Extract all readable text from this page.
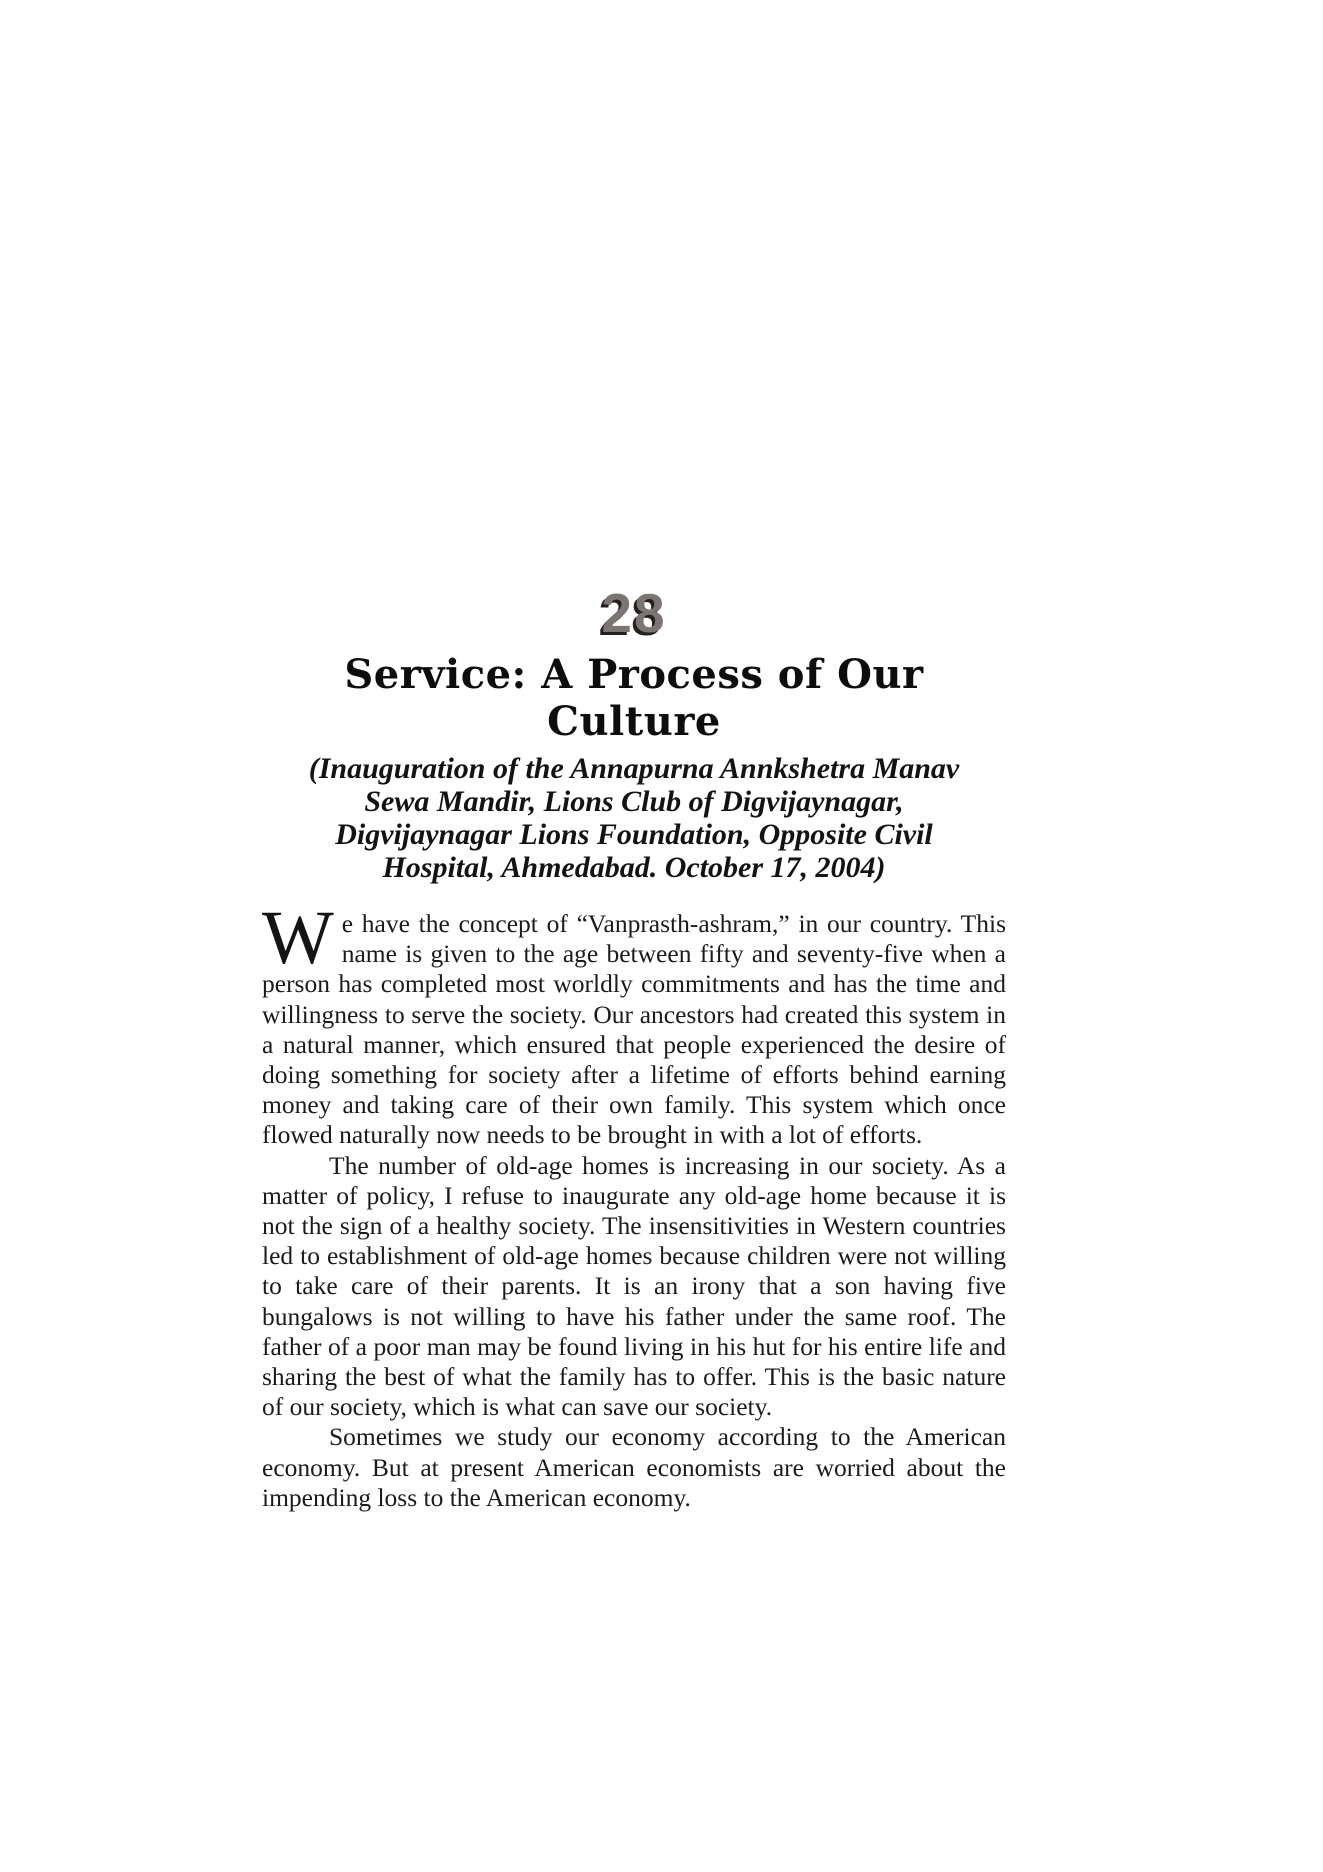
28
Service: A Process of Our Culture
(Inauguration of the Annapurna Annkshetra Manav
Sewa Mandir, Lions Club of Digvijaynagar,
Digvijaynagar Lions Foundation, Opposite Civil
Hospital, Ahmedabad. October 17, 2004)

We have the concept of “Vanprasth-ashram,” in our country. This name is given to the age between fifty and seventy-five when a person has completed most worldly commitments and has the time and willingness to serve the society. Our ancestors had created this system in a natural manner, which ensured that people experienced the desire of doing something for society after a lifetime of efforts behind earning money and taking care of their own family. This system which once flowed naturally now needs to be brought in with a lot of efforts.

The number of old-age homes is increasing in our society. As a matter of policy, I refuse to inaugurate any old-age home because it is not the sign of a healthy society. The insensitivities in Western countries led to establishment of old-age homes because children were not willing to take care of their parents. It is an irony that a son having five bungalows is not willing to have his father under the same roof. The father of a poor man may be found living in his hut for his entire life and sharing the best of what the family has to offer. This is the basic nature of our society, which is what can save our society.

Sometimes we study our economy according to the American economy. But at present American economists are worried about the impending loss to the American economy.
